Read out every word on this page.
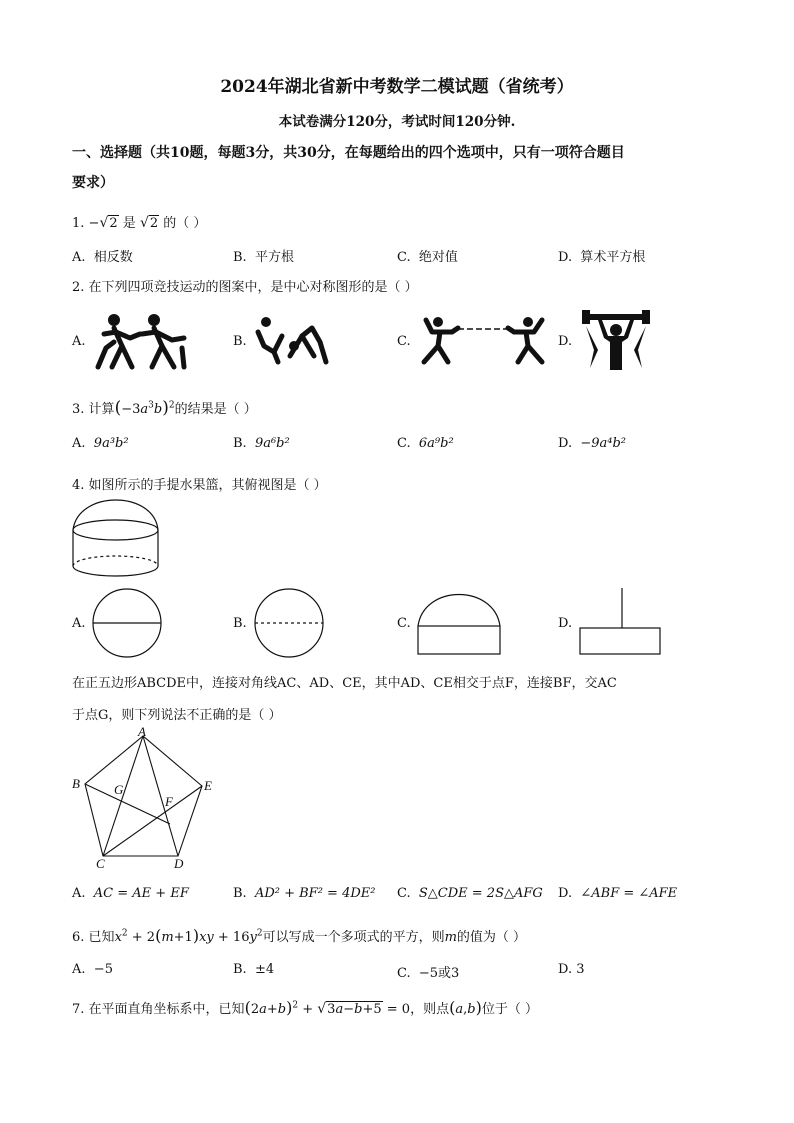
2024年湖北省新中考数学二模试题（省统考）
本试卷满分120分，考试时间120分钟.
一、选择题（共10题，每题3分，共30分，在每题给出的四个选项中，只有一项符合题目
要求）
1. −√2 是 √2 的（ ）
A. 相反数	B. 平方根	C. 绝对值	D. 算术平方根
2. 在下列四项竞技运动的图案中，是中心对称图形的是（ ）
A.	B.	C.	D.
3. 计算$(-3a^3b)^2$的结果是（ ）
A. 9a³b²	B. 9a⁶b²	C. 6a⁹b²	D. −9a⁴b²
4. 如图所示的手提水果篮，其俯视图是（ ）
A.	B.	C.	D.
在正五边形ABCDE中，连接对角线AC、AD、CE，其中AD、CE相交于点F，连接BF，交AC
于点G，则下列说法不正确的是（ ）
A
B
C	D
E
F
G
A. AC = AE + EF	B. AD² + BF² = 4DE² C. S△CDE = 2S△AFG D. ∠ABF = ∠AFE
6. 已知$x^2 + 2(m+1)xy + 16y^2$可以写成一个多项式的平方，则m的值为（ ）
A. −5	B. ±4	C. −5或3	D. 3
7. 在平面直角坐标系中，已知$(2a+b)^2 + √3a-b+5 = 0$，则点(a,b)位于（ ）
